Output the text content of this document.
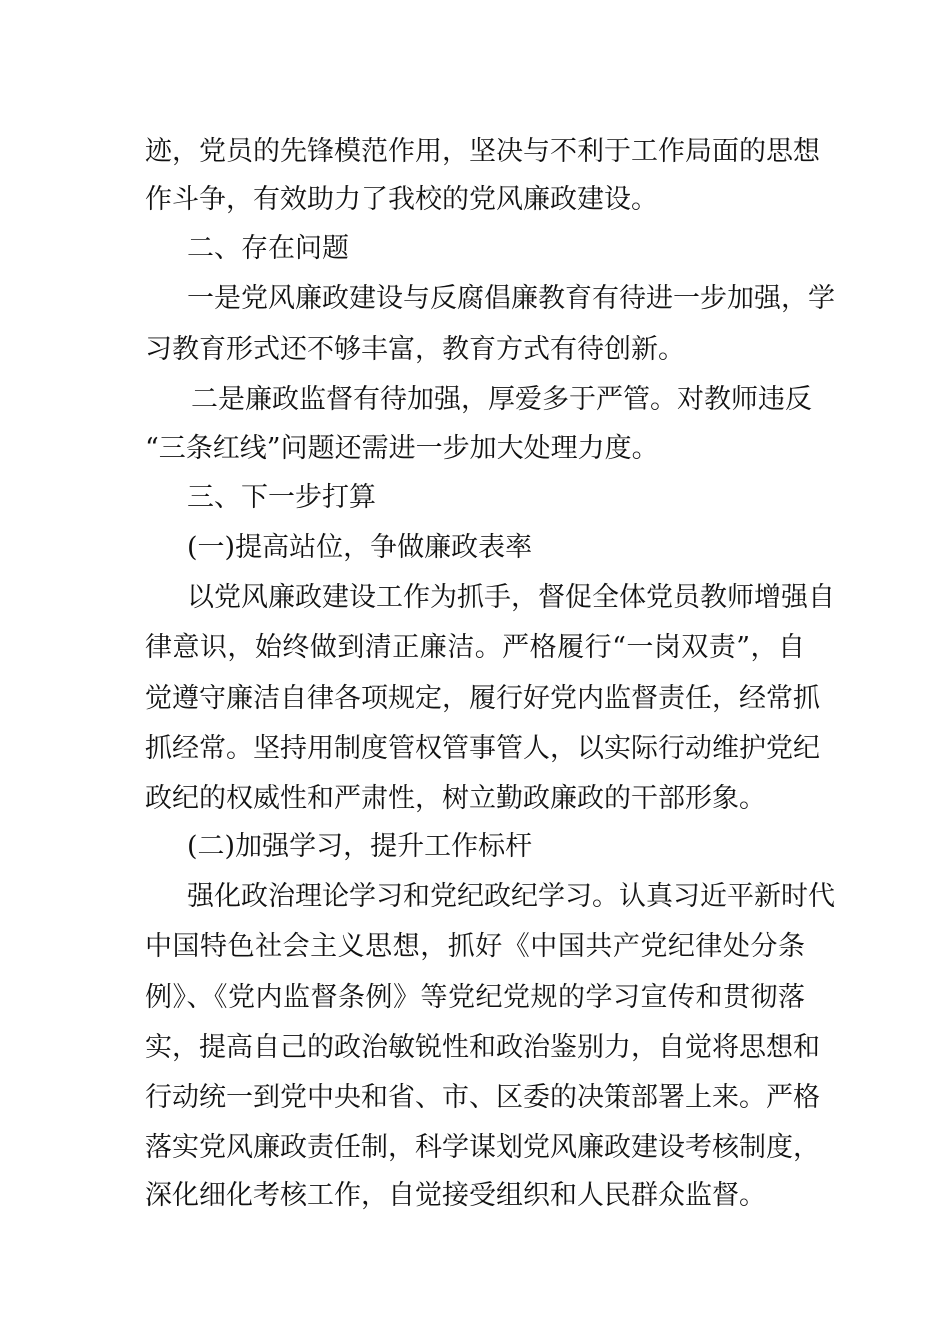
迹，党员的先锋模范作用，坚决与不利于工作局面的思想
作斗争，有效助力了我校的党风廉政建设。
二、存在问题
一是党风廉政建设与反腐倡廉教育有待进一步加强，学
习教育形式还不够丰富，教育方式有待创新。
二是廉政监督有待加强，厚爱多于严管。对教师违反
“三条红线”问题还需进一步加大处理力度。
三、下一步打算
(一)提高站位，争做廉政表率
以党风廉政建设工作为抓手，督促全体党员教师增强自
律意识，始终做到清正廉洁。严格履行“一岗双责”，自
觉遵守廉洁自律各项规定，履行好党内监督责任，经常抓
抓经常。坚持用制度管权管事管人，以实际行动维护党纪
政纪的权威性和严肃性，树立勤政廉政的干部形象。
(二)加强学习，提升工作标杆
强化政治理论学习和党纪政纪学习。认真习近平新时代
中国特色社会主义思想，抓好《中国共产党纪律处分条
例》、《党内监督条例》等党纪党规的学习宣传和贯彻落
实，提高自己的政治敏锐性和政治鉴别力，自觉将思想和
行动统一到党中央和省、市、区委的决策部署上来。严格
落实党风廉政责任制，科学谋划党风廉政建设考核制度，
深化细化考核工作，自觉接受组织和人民群众监督。
